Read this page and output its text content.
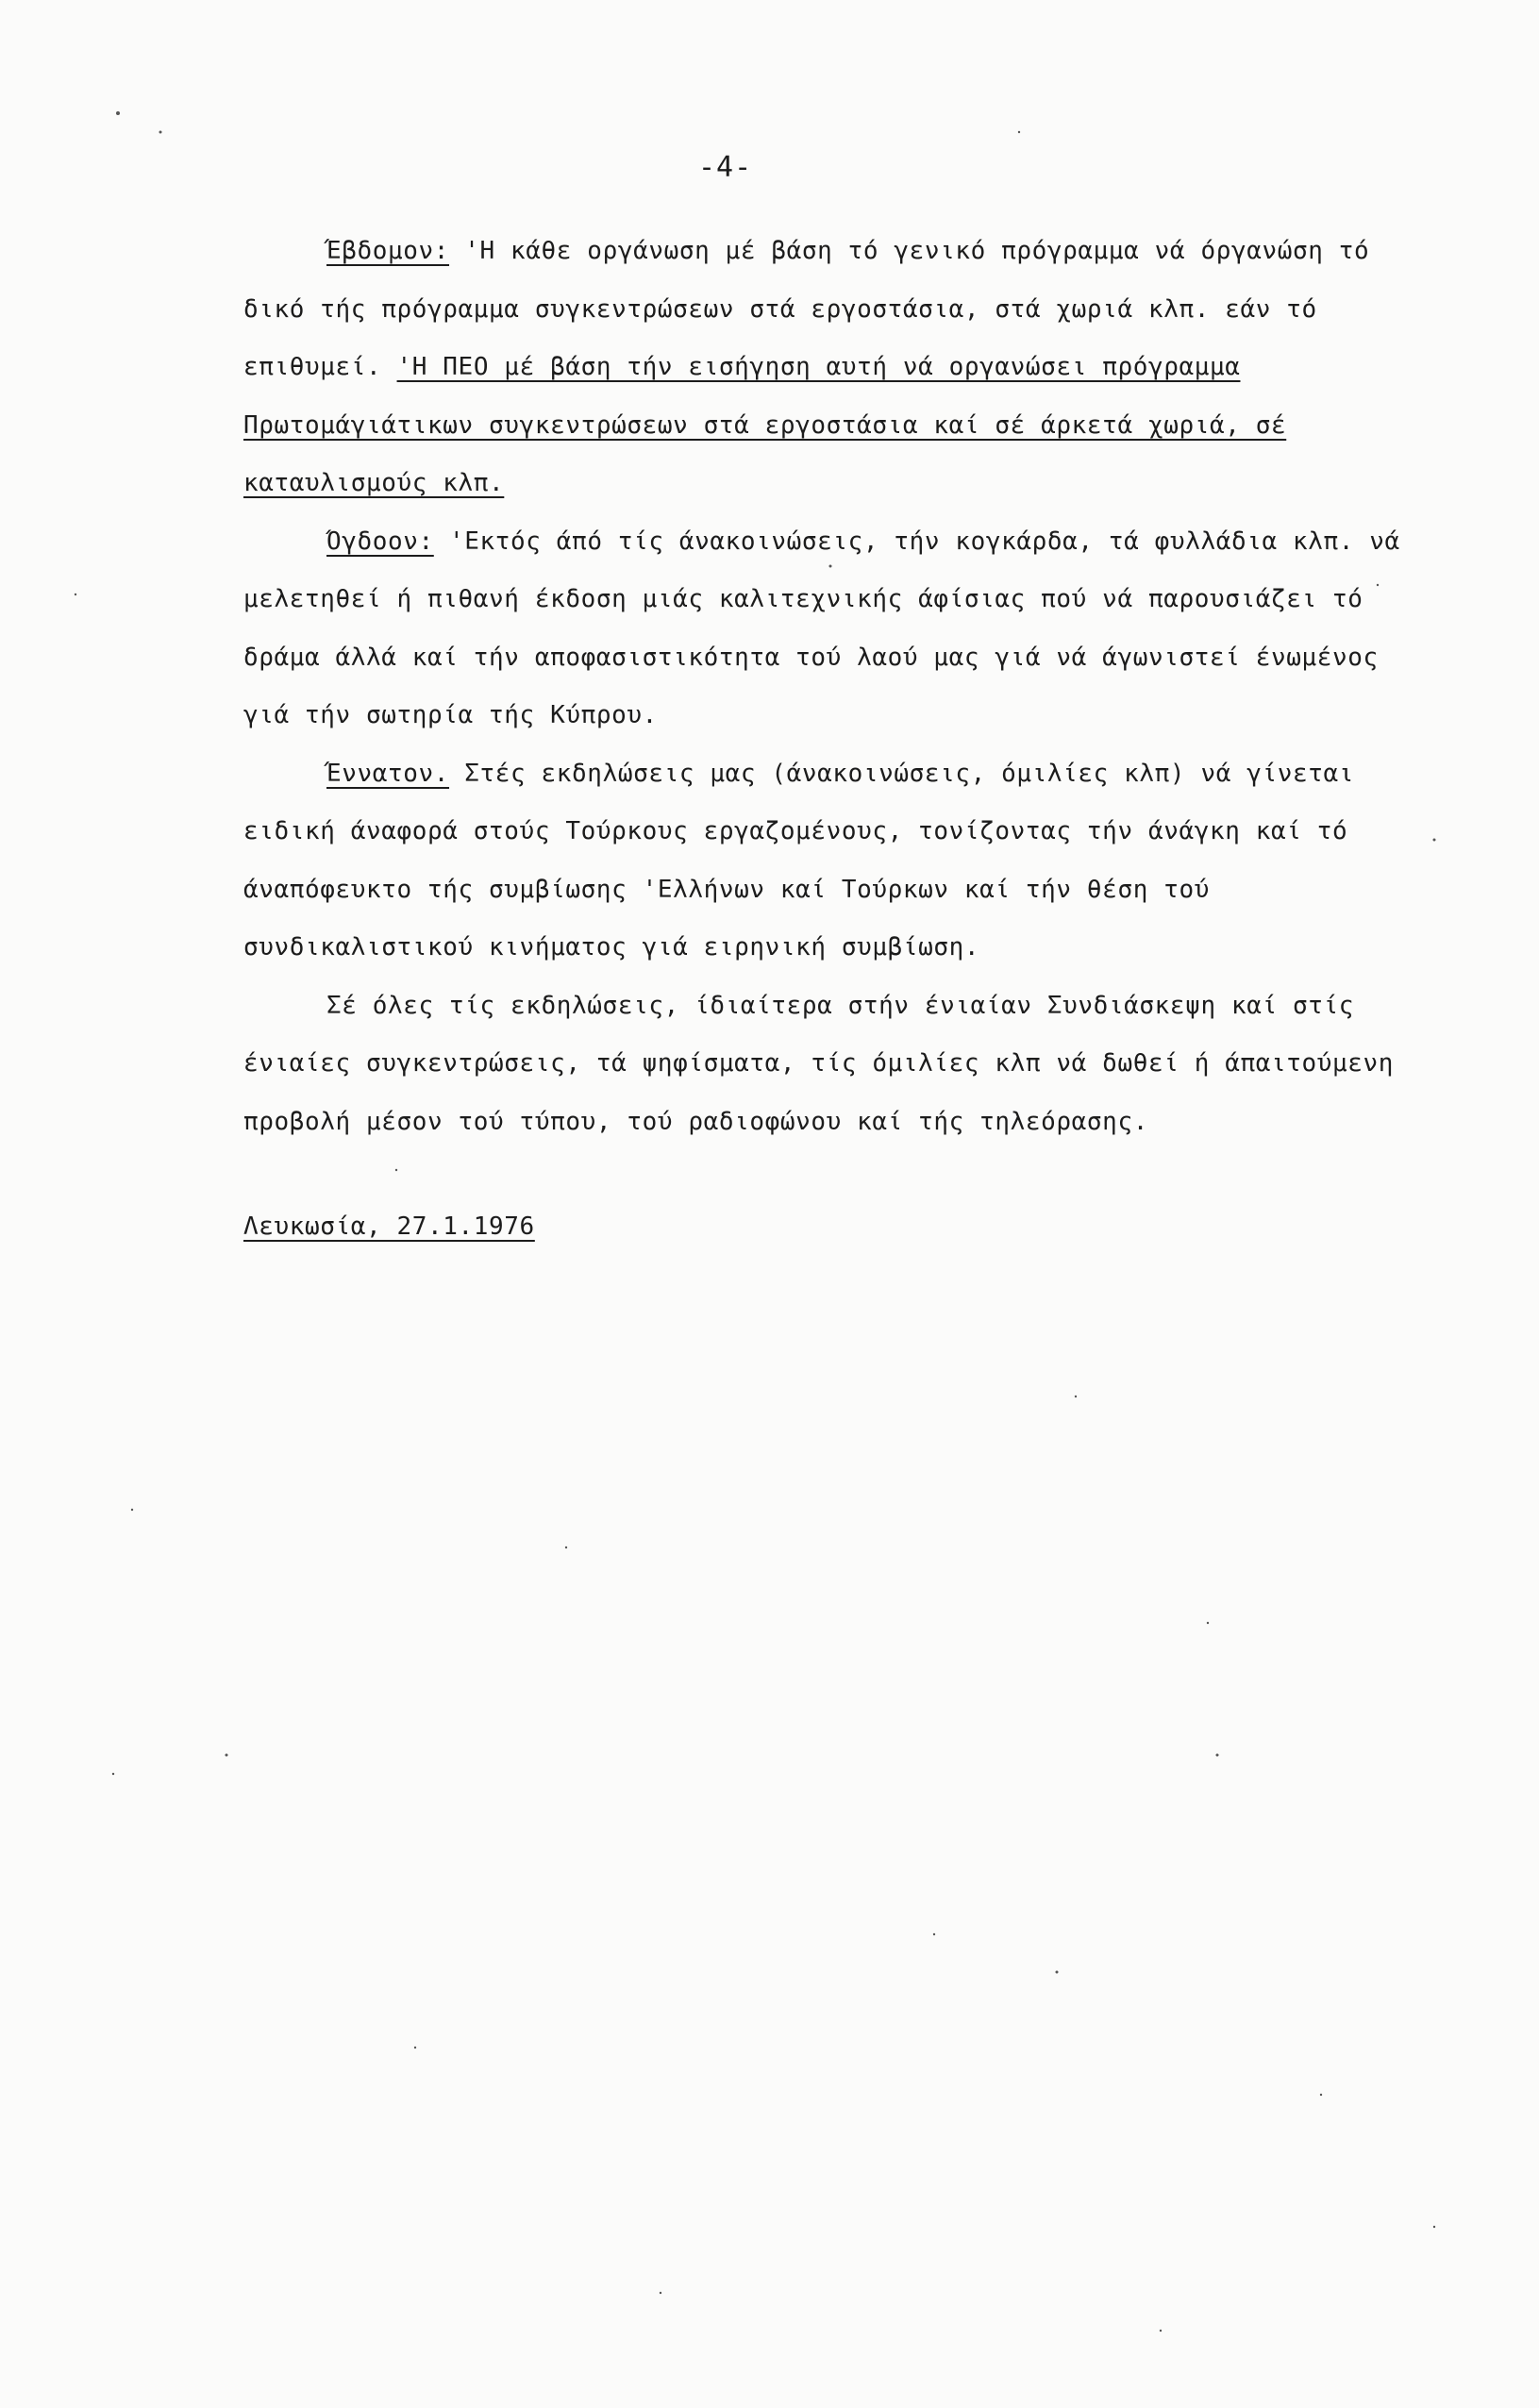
-4-

Έβδομον: 'Η κάθε οργάνωση μέ βάση τό γενικό πρόγραμμα νά όργανώση τό δικό τής πρόγραμμα συγκεντρώσεων στά εργοστάσια, στά χωριά κλπ. εάν τό επιθυμεί. 'Η ΠΕΟ μέ βάση τήν εισήγηση αυτή νά οργανώσει πρόγραμμα Πρωτομάγιάτικων συγκεντρώσεων στά εργοστάσια καί σέ άρκετά χωριά, σέ καταυλισμούς κλπ.

Όγδοον: 'Εκτός άπό τίς άνακοινώσεις, τήν κογκάρδα, τά φυλλάδια κλπ. νά μελετηθεί ή πιθανή έκδοση μιάς καλιτεχνικής άφίσιας πού νά παρουσιάζει τό δράμα άλλά καί τήν αποφασιστικότητα τού λαού μας γιά νά άγωνιστεί ένωμένος γιά τήν σωτηρία τής Κύπρου.

Έννατον. Στές εκδηλώσεις μας (άνακοινώσεις, όμιλίες κλπ) νά γίνεται ειδική άναφορά στούς Τούρκους εργαζομένους, τονίζοντας τήν άνάγκη καί τό άναπόφευκτο τής συμβίωσης 'Ελλήνων καί Τούρκων καί τήν θέση τού συνδικαλιστικού κινήματος γιά ειρηνική συμβίωση.

Σέ όλες τίς εκδηλώσεις, ίδιαίτερα στήν ένιαίαν Συνδιάσκεψη καί στίς ένιαίες συγκεντρώσεις, τά ψηφίσματα, τίς όμιλίες κλπ νά δωθεί ή άπαιτούμενη προβολή μέσον τού τύπου, τού ραδιοφώνου καί τής τηλεόρασης.

Λευκωσία, 27.1.1976
